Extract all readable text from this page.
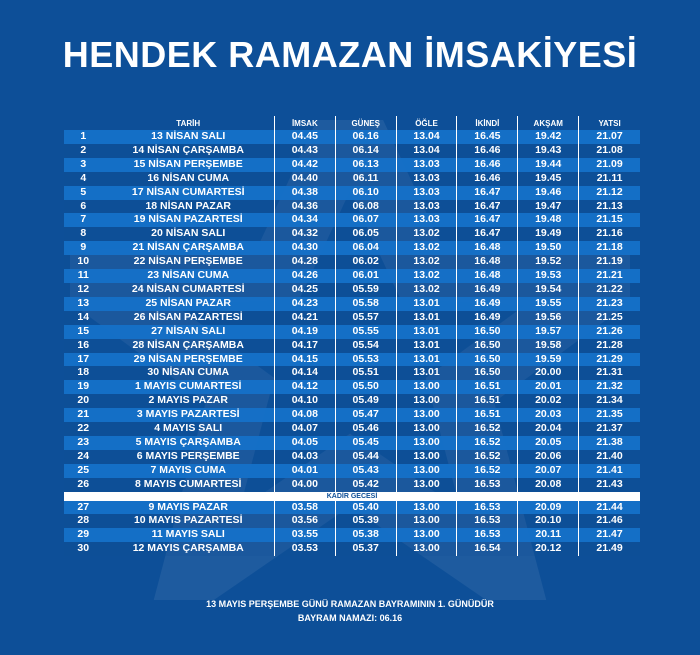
HENDEK RAMAZAN İMSAKİYESİ
	TARİH	İMSAK	GÜNEŞ	ÖĞLE	İKİNDİ	AKŞAM	YATSI
1	13 NİSAN SALI	04.45	06.16	13.04	16.45	19.42	21.07
2	14 NİSAN ÇARŞAMBA	04.43	06.14	13.04	16.46	19.43	21.08
3	15 NİSAN PERŞEMBE	04.42	06.13	13.03	16.46	19.44	21.09
4	16 NİSAN CUMA	04.40	06.11	13.03	16.46	19.45	21.11
5	17 NİSAN CUMARTESİ	04.38	06.10	13.03	16.47	19.46	21.12
6	18 NİSAN PAZAR	04.36	06.08	13.03	16.47	19.47	21.13
7	19 NİSAN PAZARTESİ	04.34	06.07	13.03	16.47	19.48	21.15
8	20 NİSAN SALI	04.32	06.05	13.02	16.47	19.49	21.16
9	21 NİSAN ÇARŞAMBA	04.30	06.04	13.02	16.48	19.50	21.18
10	22 NİSAN PERŞEMBE	04.28	06.02	13.02	16.48	19.52	21.19
11	23 NİSAN CUMA	04.26	06.01	13.02	16.48	19.53	21.21
12	24 NİSAN CUMARTESİ	04.25	05.59	13.02	16.49	19.54	21.22
13	25 NİSAN PAZAR	04.23	05.58	13.01	16.49	19.55	21.23
14	26 NİSAN PAZARTESİ	04.21	05.57	13.01	16.49	19.56	21.25
15	27 NİSAN SALI	04.19	05.55	13.01	16.50	19.57	21.26
16	28 NİSAN ÇARŞAMBA	04.17	05.54	13.01	16.50	19.58	21.28
17	29 NİSAN PERŞEMBE	04.15	05.53	13.01	16.50	19.59	21.29
18	30 NİSAN CUMA	04.14	05.51	13.01	16.50	20.00	21.31
19	1 MAYIS CUMARTESİ	04.12	05.50	13.00	16.51	20.01	21.32
20	2 MAYIS PAZAR	04.10	05.49	13.00	16.51	20.02	21.34
21	3 MAYIS PAZARTESİ	04.08	05.47	13.00	16.51	20.03	21.35
22	4 MAYIS SALI	04.07	05.46	13.00	16.52	20.04	21.37
23	5 MAYIS ÇARŞAMBA	04.05	05.45	13.00	16.52	20.05	21.38
24	6 MAYIS PERŞEMBE	04.03	05.44	13.00	16.52	20.06	21.40
25	7 MAYIS CUMA	04.01	05.43	13.00	16.52	20.07	21.41
26	8 MAYIS CUMARTESİ	04.00	05.42	13.00	16.53	20.08	21.43
KADİR GECESİ							
27	9 MAYIS PAZAR	03.58	05.40	13.00	16.53	20.09	21.44
28	10 MAYIS PAZARTESİ	03.56	05.39	13.00	16.53	20.10	21.46
29	11 MAYIS SALI	03.55	05.38	13.00	16.53	20.11	21.47
30	12 MAYIS ÇARŞAMBA	03.53	05.37	13.00	16.54	20.12	21.49
13 MAYIS PERŞEMBE GÜNÜ RAMAZAN BAYRAMININ 1. GÜNÜDÜR
BAYRAM NAMAZI: 06.16
